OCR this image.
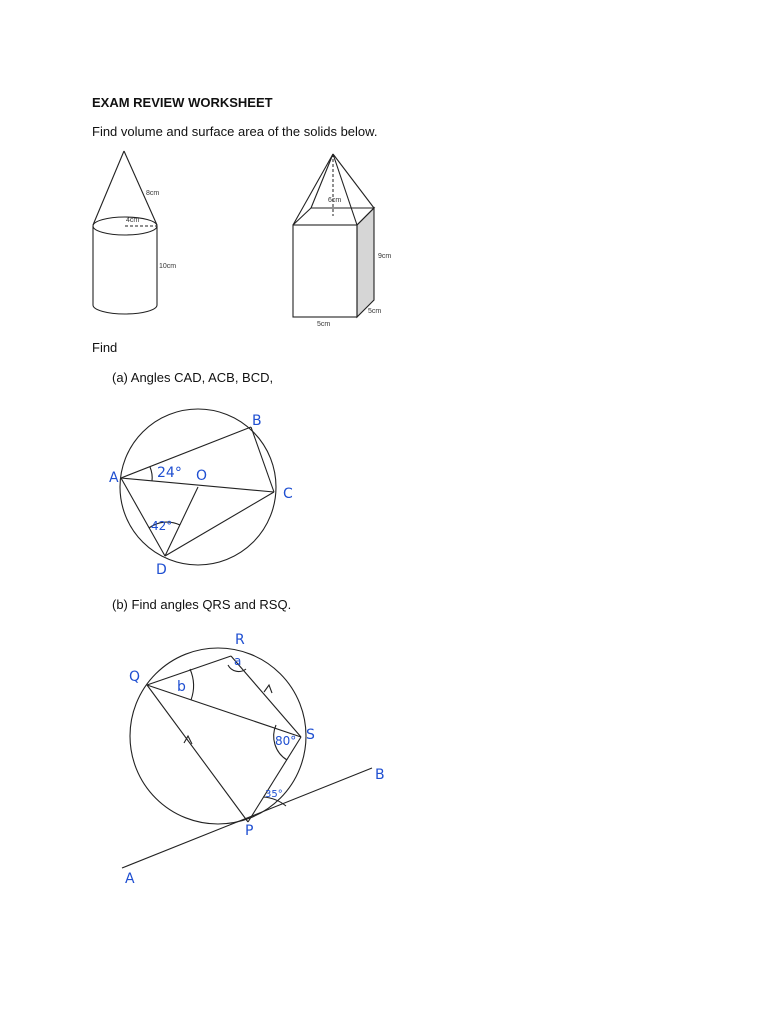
EXAM REVIEW WORKSHEET
Find volume and surface area of the solids below.
Find
(a) Angles CAD, ACB, BCD,
(b) Find angles QRS and RSQ.
8cm
4cm
10cm
6cm
9cm
5cm
5cm
A
B
C
D
O
24°
42°
R
Q
S
P
A
B
a
b
80°
35°
